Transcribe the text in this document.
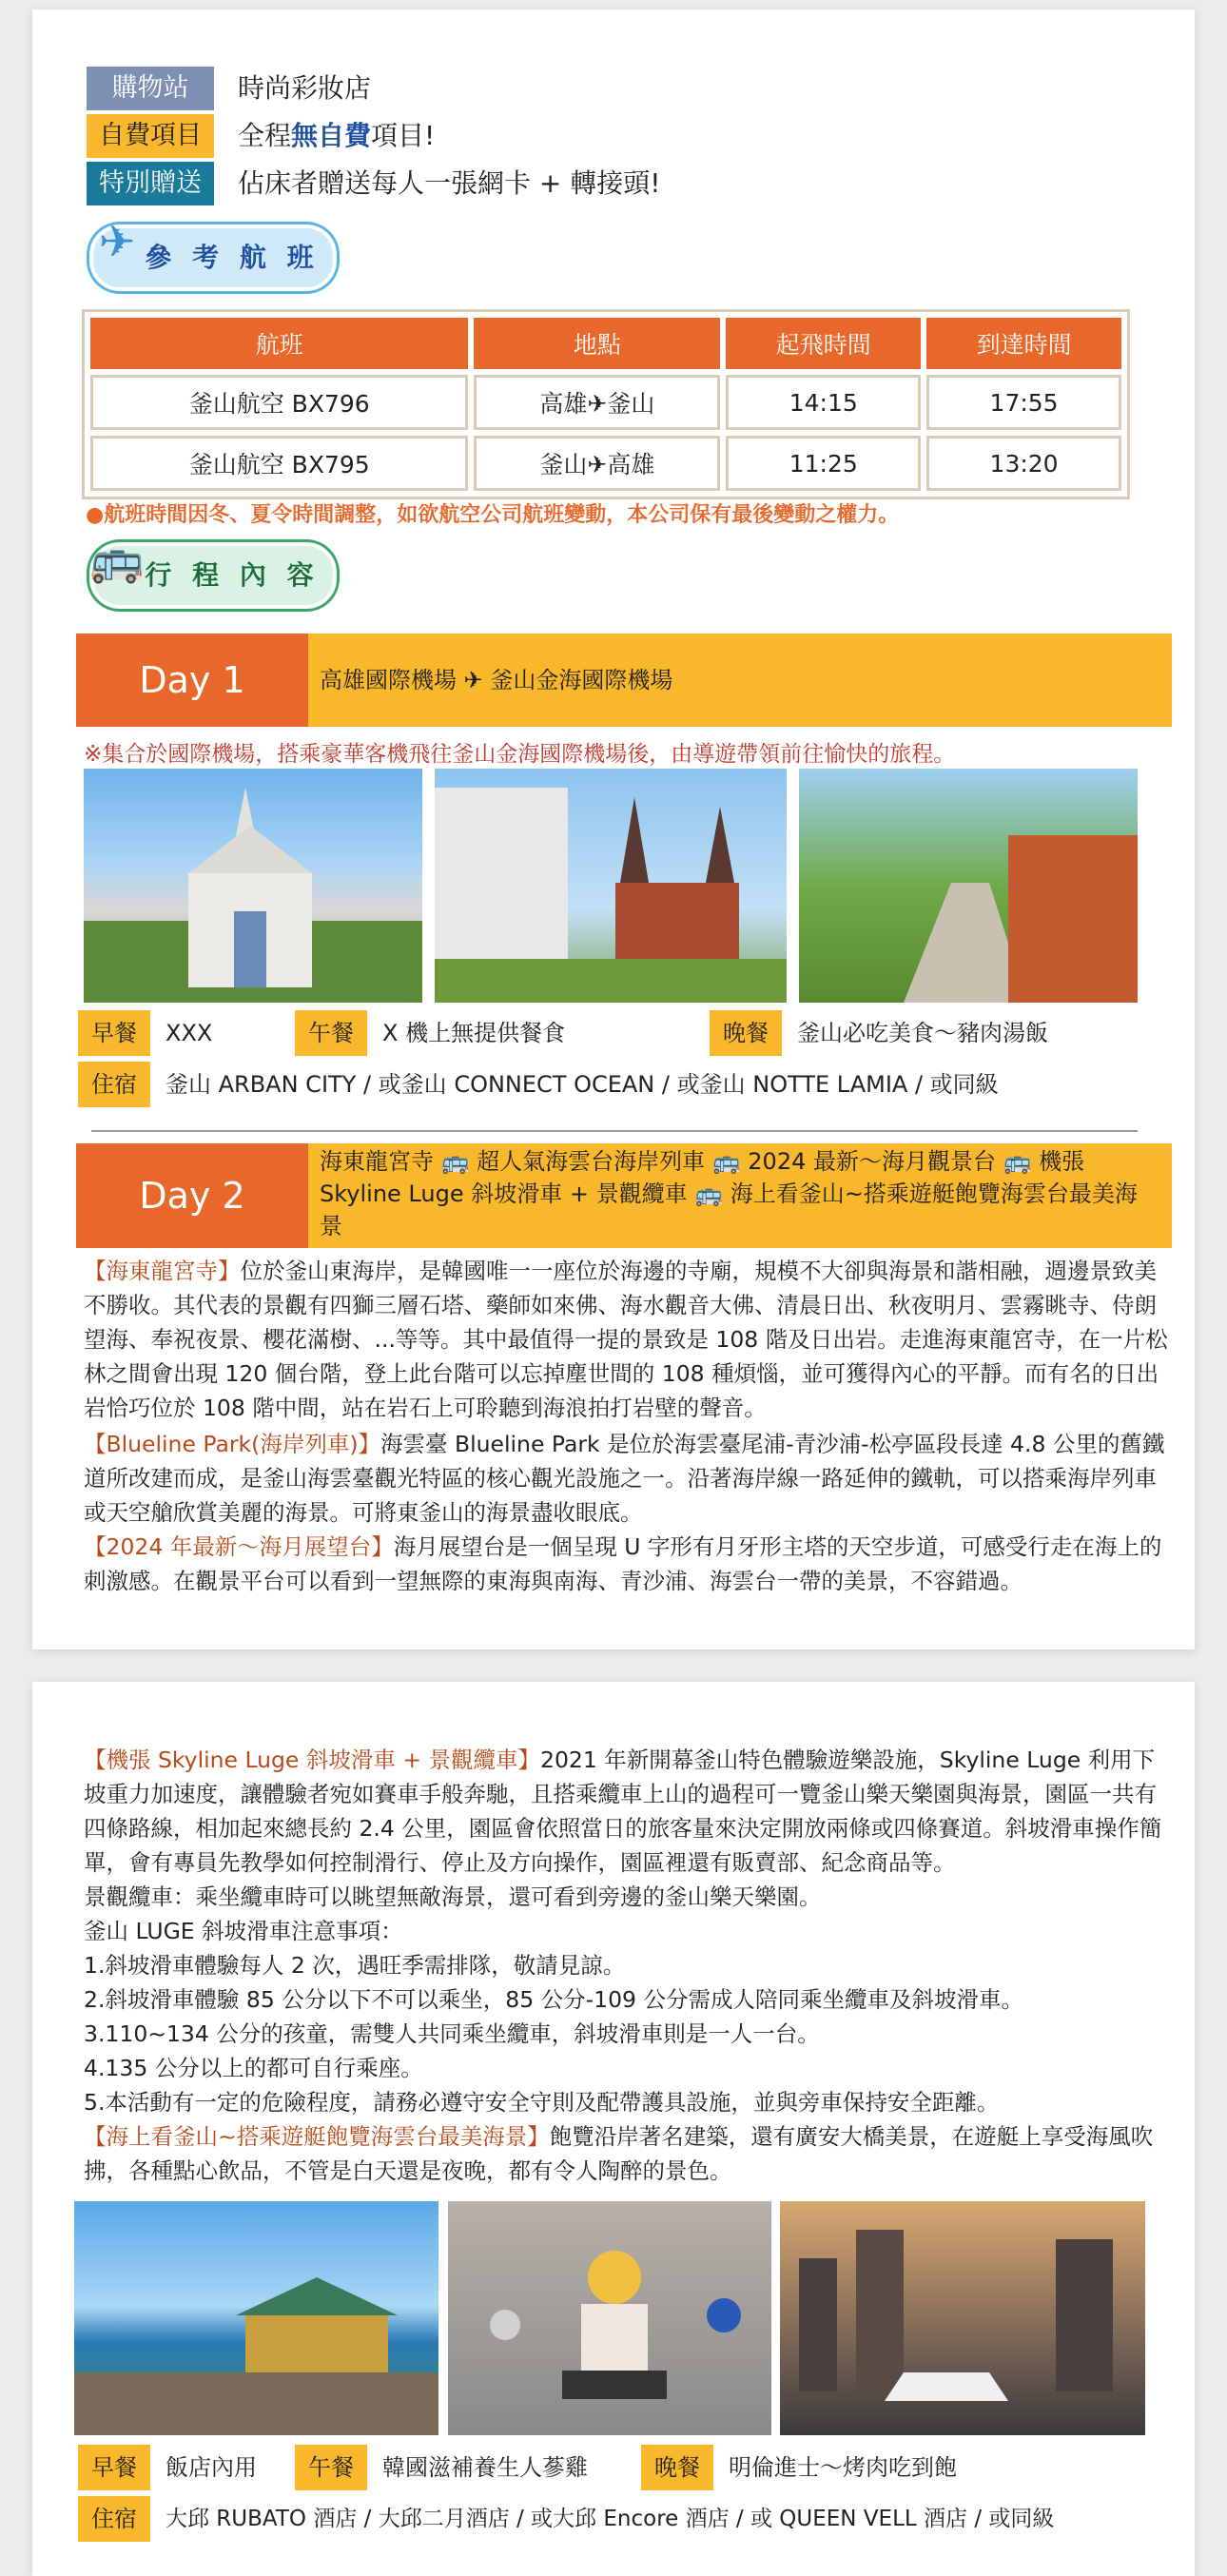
購物站	時尚彩妝店
自費項目	全程無自費項目!
特別贈送	佔床者贈送每人一張網卡 + 轉接頭!
✈ 參 考 航 班
航班	地點	起飛時間	到達時間
釜山航空 BX796	高雄✈釜山	14:15	17:55
釜山航空 BX795	釜山✈高雄	11:25	13:20
●航班時間因冬、夏令時間調整，如欲航空公司航班變動，本公司保有最後變動之權力。
🚌
行 程 內 容
Day 1	高雄國際機場 ✈ 釜山金海國際機場
※集合於國際機場，搭乘豪華客機飛往釜山金海國際機場後，由導遊帶領前往愉快的旅程。
早餐	XXX	午餐	X 機上無提供餐食	晚餐	釜山必吃美食～豬肉湯飯
住宿	釜山 ARBAN CITY / 或釜山 CONNECT OCEAN / 或釜山 NOTTE LAMIA / 或同級
Day 2
海東龍宮寺 🚌 超人氣海雲台海岸列車 🚌 2024 最新～海月觀景台 🚌 機張 Skyline Luge 斜坡滑車 + 景觀纜車 🚌 海上看釜山~搭乘遊艇飽覽海雲台最美海景
【海東龍宮寺】位於釜山東海岸，是韓國唯一一座位於海邊的寺廟，規模不大卻與海景和諧相融，週邊景致美不勝收。其代表的景觀有四獅三層石塔、藥師如來佛、海水觀音大佛、清晨日出、秋夜明月、雲霧眺寺、侍朗望海、奉祝夜景、櫻花滿樹、...等等。其中最值得一提的景致是 108 階及日出岩。走進海東龍宮寺，在一片松林之間會出現 120 個台階，登上此台階可以忘掉塵世間的 108 種煩惱，並可獲得內心的平靜。而有名的日出岩恰巧位於 108 階中間，站在岩石上可聆聽到海浪拍打岩壁的聲音。
【Blueline Park(海岸列車)】海雲臺 Blueline Park 是位於海雲臺尾浦-青沙浦-松亭區段長達 4.8 公里的舊鐵道所改建而成，是釜山海雲臺觀光特區的核心觀光設施之一。沿著海岸線一路延伸的鐵軌，可以搭乘海岸列車或天空艙欣賞美麗的海景。可將東釜山的海景盡收眼底。
【2024 年最新～海月展望台】海月展望台是一個呈現 U 字形有月牙形主塔的天空步道，可感受行走在海上的刺激感。在觀景平台可以看到一望無際的東海與南海、青沙浦、海雲台一帶的美景，不容錯過。
【機張 Skyline Luge 斜坡滑車 + 景觀纜車】2021 年新開幕釜山特色體驗遊樂設施，Skyline Luge 利用下坡重力加速度，讓體驗者宛如賽車手般奔馳，且搭乘纜車上山的過程可一覽釜山樂天樂園與海景，園區一共有四條路線，相加起來總長約 2.4 公里，園區會依照當日的旅客量來決定開放兩條或四條賽道。斜坡滑車操作簡單，會有專員先教學如何控制滑行、停止及方向操作，園區裡還有販賣部、紀念商品等。
景觀纜車：乘坐纜車時可以眺望無敵海景，還可看到旁邊的釜山樂天樂園。
釜山 LUGE 斜坡滑車注意事項：
1.斜坡滑車體驗每人 2 次，遇旺季需排隊，敬請見諒。
2.斜坡滑車體驗 85 公分以下不可以乘坐，85 公分-109 公分需成人陪同乘坐纜車及斜坡滑車。
3.110~134 公分的孩童，需雙人共同乘坐纜車，斜坡滑車則是一人一台。
4.135 公分以上的都可自行乘座。
5.本活動有一定的危險程度，請務必遵守安全守則及配帶護具設施，並與旁車保持安全距離。
【海上看釜山~搭乘遊艇飽覽海雲台最美海景】飽覽沿岸著名建築，還有廣安大橋美景，在遊艇上享受海風吹拂，各種點心飲品，不管是白天還是夜晚，都有令人陶醉的景色。
早餐	飯店內用	午餐	韓國滋補養生人蔘雞	晚餐	明倫進士～烤肉吃到飽
住宿	大邱 RUBATO 酒店 / 大邱二月酒店 / 或大邱 Encore 酒店 / 或 QUEEN VELL 酒店 / 或同級
